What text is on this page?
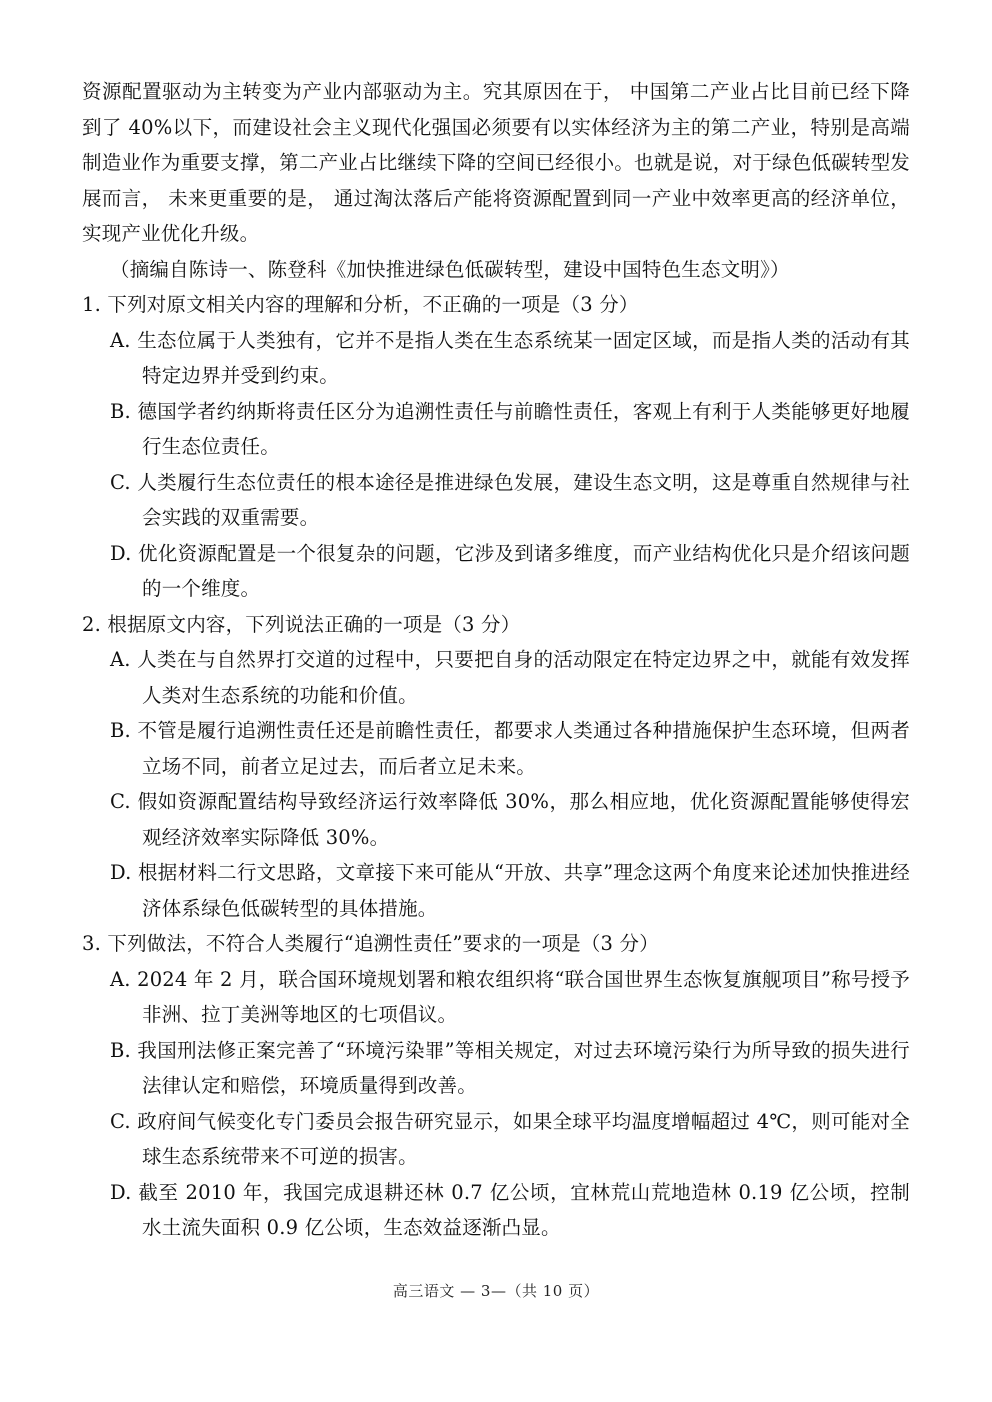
资源配置驱动为主转变为产业内部驱动为主。究其原因在于， 中国第二产业占比目前已经下降到了 40%以下，而建设社会主义现代化强国必须要有以实体经济为主的第二产业，特别是高端制造业作为重要支撑，第二产业占比继续下降的空间已经很小。也就是说，对于绿色低碳转型发展而言， 未来更重要的是， 通过淘汰落后产能将资源配置到同一产业中效率更高的经济单位， 实现产业优化升级。

（摘编自陈诗一、陈登科《加快推进绿色低碳转型，建设中国特色生态文明》）

1. 下列对原文相关内容的理解和分析，不正确的一项是（3 分）

A. 生态位属于人类独有，它并不是指人类在生态系统某一固定区域，而是指人类的活动有其特定边界并受到约束。

B. 德国学者约纳斯将责任区分为追溯性责任与前瞻性责任，客观上有利于人类能够更好地履行生态位责任。

C. 人类履行生态位责任的根本途径是推进绿色发展，建设生态文明，这是尊重自然规律与社会实践的双重需要。

D. 优化资源配置是一个很复杂的问题，它涉及到诸多维度，而产业结构优化只是介绍该问题的一个维度。

2. 根据原文内容，下列说法正确的一项是（3 分）

A. 人类在与自然界打交道的过程中，只要把自身的活动限定在特定边界之中，就能有效发挥人类对生态系统的功能和价值。

B. 不管是履行追溯性责任还是前瞻性责任，都要求人类通过各种措施保护生态环境，但两者立场不同，前者立足过去，而后者立足未来。

C. 假如资源配置结构导致经济运行效率降低 30%，那么相应地，优化资源配置能够使得宏观经济效率实际降低 30%。

D. 根据材料二行文思路，文章接下来可能从“开放、共享”理念这两个角度来论述加快推进经济体系绿色低碳转型的具体措施。

3. 下列做法，不符合人类履行“追溯性责任”要求的一项是（3 分）

A. 2024 年 2 月，联合国环境规划署和粮农组织将“联合国世界生态恢复旗舰项目”称号授予非洲、拉丁美洲等地区的七项倡议。

B. 我国刑法修正案完善了“环境污染罪”等相关规定，对过去环境污染行为所导致的损失进行法律认定和赔偿，环境质量得到改善。

C. 政府间气候变化专门委员会报告研究显示，如果全球平均温度增幅超过 4℃，则可能对全球生态系统带来不可逆的损害。

D. 截至 2010 年，我国完成退耕还林 0.7 亿公顷，宜林荒山荒地造林 0.19 亿公顷，控制水土流失面积 0.9 亿公顷，生态效益逐渐凸显。

高三语文 — 3—（共 10 页）
